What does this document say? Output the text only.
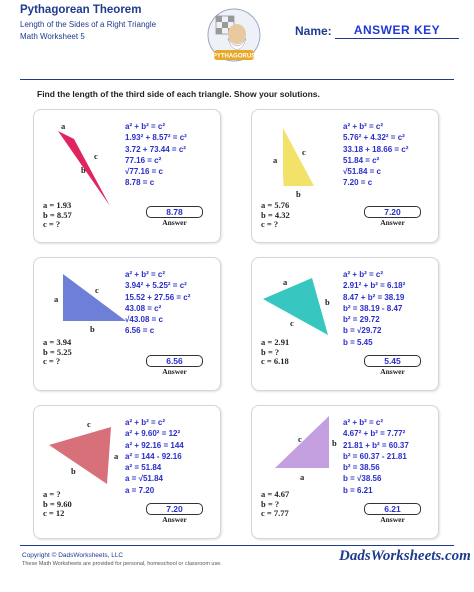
Pythagorean Theorem
Length of the Sides of a Right Triangle
Math Worksheet 5
PYTHAGORUS
Name:	ANSWER KEY
Find the length of the third side of each triangle. Show your solutions.
a
b
c
a² + b² = c²
1.93² + 8.57² = c²
3.72 + 73.44 = c²
77.16 = c²
√77.16 = c
8.78 = c
a = 1.93
b = 8.57
c = ?
8.78
Answer
a
b
c
a² + b² = c²
5.76² + 4.32² = c²
33.18 + 18.66 = c²
51.84 = c²
√51.84 = c
7.20 = c
a = 5.76
b = 4.32
c = ?
7.20
Answer
a
b
c
a² + b² = c²
3.94² + 5.25² = c²
15.52 + 27.56 = c²
43.08 = c²
√43.08 = c
6.56 = c
a = 3.94
b = 5.25
c = ?	6.56
Answer
a
b
c
a² + b² = c²
2.91² + b² = 6.18²
8.47 + b² = 38.19
b² = 38.19 - 8.47
b² = 29.72
b = √29.72
b = 5.45
a = 2.91
b = ?
c = 6.18	5.45
Answer
c
b
a
a² + b² = c²
a² + 9.60² = 12²
a² + 92.16 = 144
a² = 144 - 92.16
a² = 51.84
a = √51.84
a = 7.20
a = ?
b = 9.60
c = 12	7.20
Answer
c	b
a
a² + b² = c²
4.67² + b² = 7.77²
21.81 + b² = 60.37
b² = 60.37 - 21.81
b² = 38.56
b = √38.56
b = 6.21
a = 4.67
b = ?
c = 7.77	6.21
Answer
Copyright © DadsWorksheets, LLC
These Math Worksheets are provided for personal, homeschool or classroom use.	DadsWorksheets.com
